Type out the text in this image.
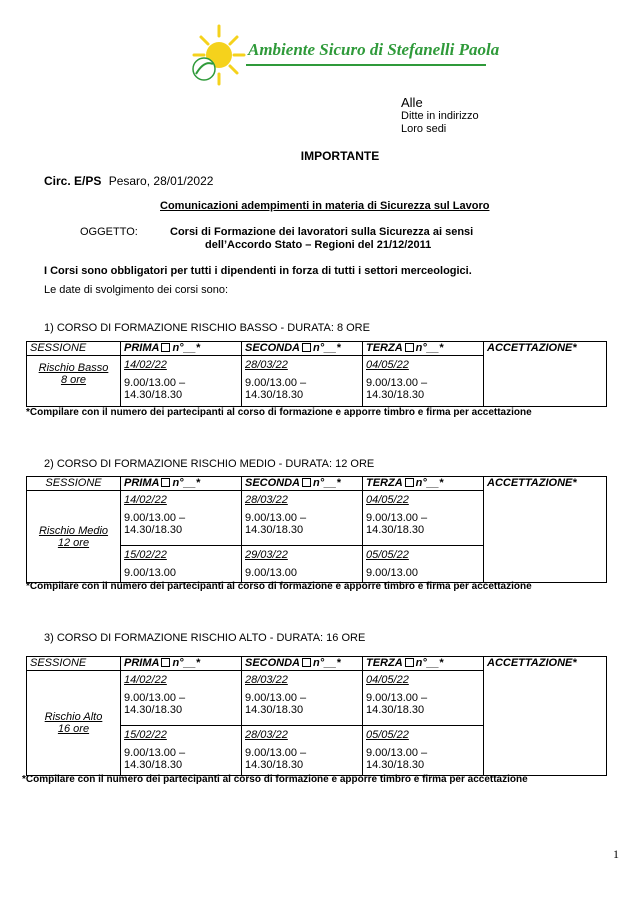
Ambiente Sicuro di Stefanelli Paola
Alle
Ditte in indirizzo
Loro sedi
IMPORTANTE
Circ. E/PS Pesaro, 28/01/2022
Comunicazioni adempimenti in materia di Sicurezza sul Lavoro
OGGETTO:	Corsi di Formazione dei lavoratori sulla Sicurezza ai sensi
dell’Accordo Stato – Regioni del 21/12/2011
I Corsi sono obbligatori per tutti i dipendenti in forza di tutti i settori merceologici.
Le date di svolgimento dei corsi sono:
1) CORSO DI FORMAZIONE RISCHIO BASSO - DURATA: 8 ORE
SESSIONE	PRIMA n°__*	SECONDA n°__*	TERZA n°__*	ACCETTAZIONE*
Rischio Basso
8 ore	14/02/22
9.00/13.00 –
14.30/18.30	28/03/22
9.00/13.00 –
14.30/18.30	04/05/22
9.00/13.00 –
14.30/18.30	
*Compilare con il numero dei partecipanti al corso di formazione e apporre timbro e firma per accettazione
2) CORSO DI FORMAZIONE RISCHIO MEDIO - DURATA: 12 ORE
SESSIONE	PRIMA n°__*	SECONDA n°__*	TERZA n°__*	ACCETTAZIONE*
Rischio Medio
12 ore	14/02/22
9.00/13.00 –
14.30/18.30	28/03/22
9.00/13.00 –
14.30/18.30	04/05/22
9.00/13.00 –
14.30/18.30	

	15/02/22
9.00/13.00	29/03/22
9.00/13.00	05/05/22
9.00/13.00	
*Compilare con il numero dei partecipanti al corso di formazione e apporre timbro e firma per accettazione
3) CORSO DI FORMAZIONE RISCHIO ALTO - DURATA: 16 ORE
SESSIONE	PRIMA n°__*	SECONDA n°__*	TERZA n°__*	ACCETTAZIONE*
Rischio Alto
16 ore	14/02/22
9.00/13.00 –
14.30/18.30	28/03/22
9.00/13.00 –
14.30/18.30	04/05/22
9.00/13.00 –
14.30/18.30	

	15/02/22
9.00/13.00 –
14.30/18.30	28/03/22
9.00/13.00 –
14.30/18.30	05/05/22
9.00/13.00 –
14.30/18.30	
*Compilare con il numero dei partecipanti al corso di formazione e apporre timbro e firma per accettazione
1
